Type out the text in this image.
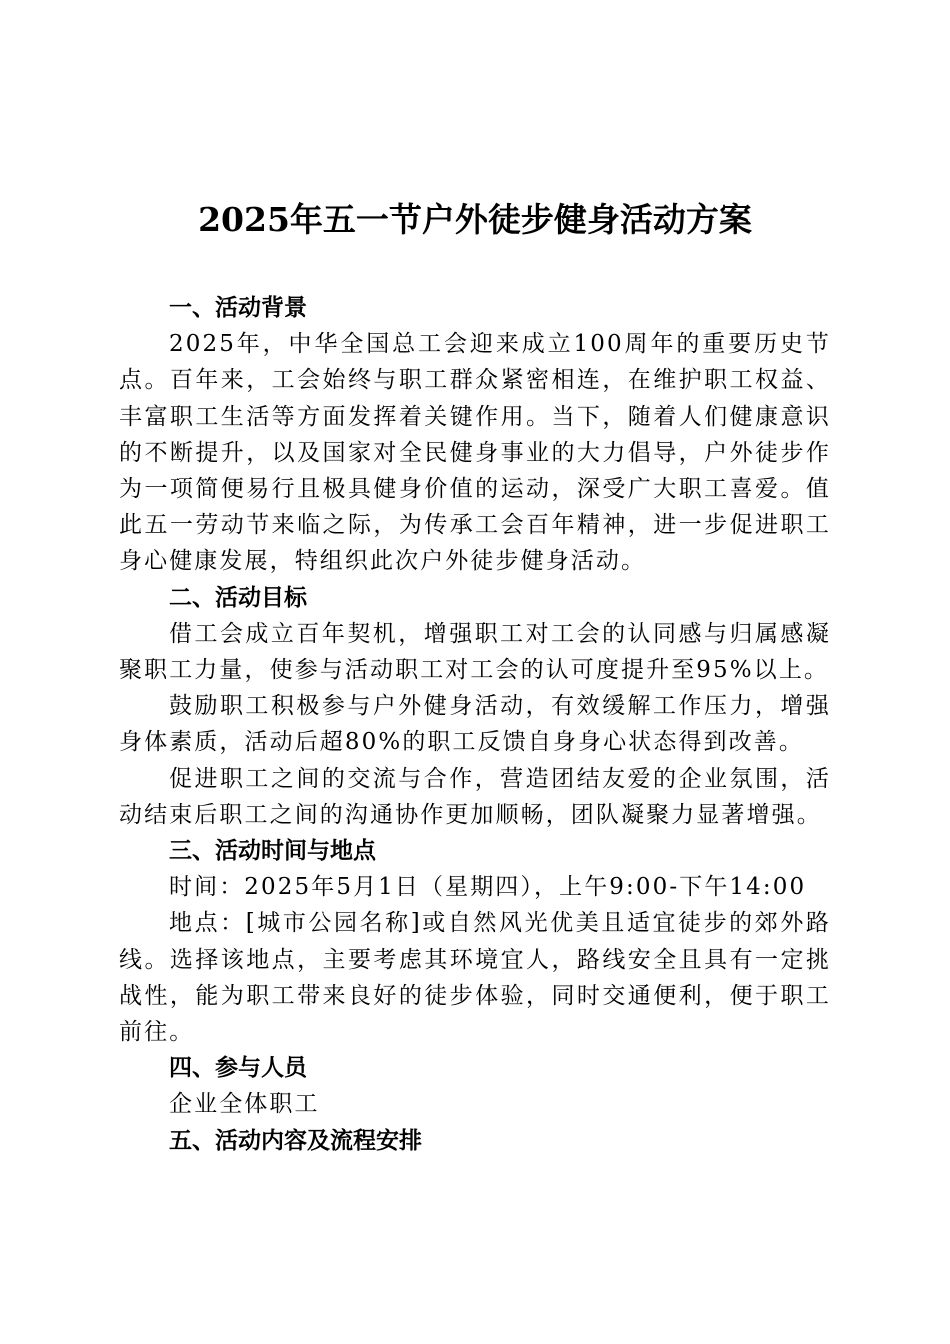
2025年五一节户外徒步健身活动方案
一、活动背景
2025年，中华全国总工会迎来成立100周年的重要历史节点。百年来，工会始终与职工群众紧密相连，在维护职工权益、丰富职工生活等方面发挥着关键作用。当下，随着人们健康意识的不断提升，以及国家对全民健身事业的大力倡导，户外徒步作为一项简便易行且极具健身价值的运动，深受广大职工喜爱。值此五一劳动节来临之际，为传承工会百年精神，进一步促进职工身心健康发展，特组织此次户外徒步健身活动。
二、活动目标
借工会成立百年契机，增强职工对工会的认同感与归属感凝聚职工力量，使参与活动职工对工会的认可度提升至95%以上。
鼓励职工积极参与户外健身活动，有效缓解工作压力，增强身体素质，活动后超80%的职工反馈自身身心状态得到改善。
促进职工之间的交流与合作，营造团结友爱的企业氛围，活动结束后职工之间的沟通协作更加顺畅，团队凝聚力显著增强。
三、活动时间与地点
时间：2025年5月1日（星期四），上午9:00-下午14:00
地点：[城市公园名称]或自然风光优美且适宜徒步的郊外路线。选择该地点，主要考虑其环境宜人，路线安全且具有一定挑战性，能为职工带来良好的徒步体验，同时交通便利，便于职工前往。
四、参与人员
企业全体职工
五、活动内容及流程安排
